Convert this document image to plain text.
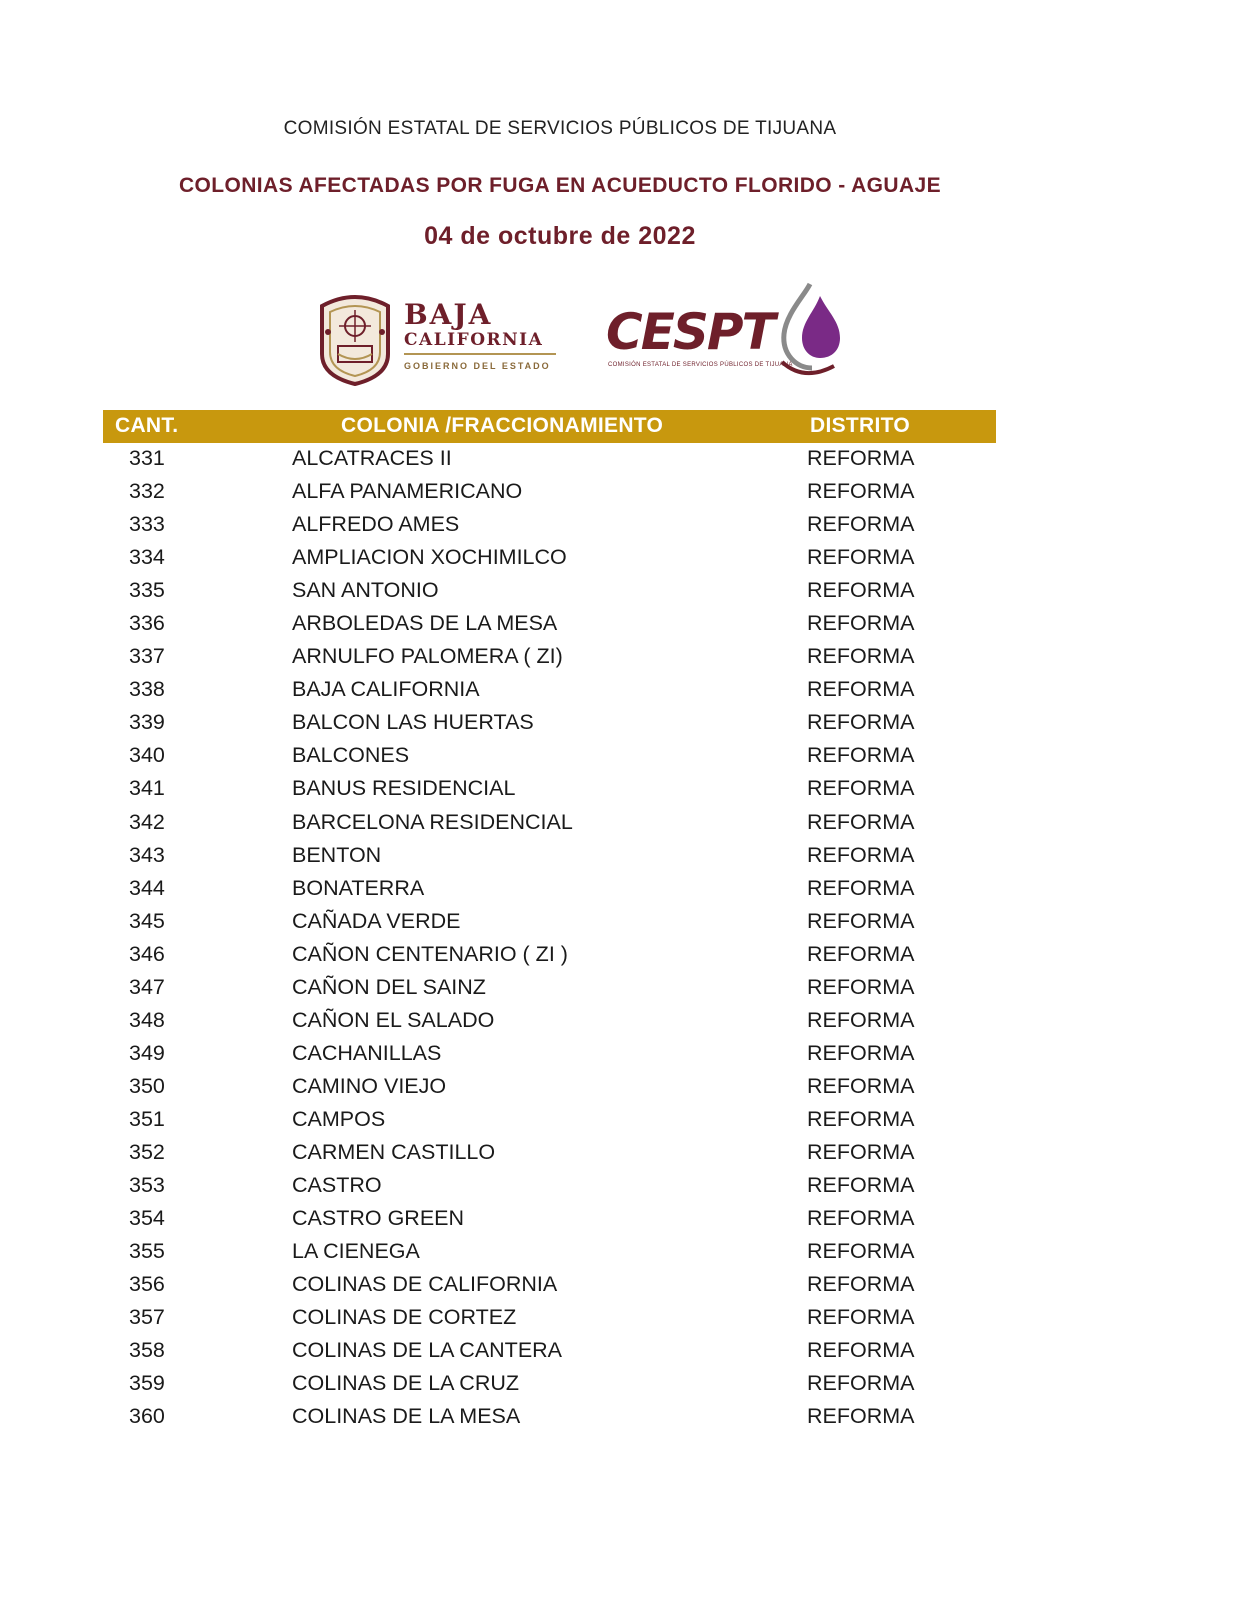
COMISIÓN ESTATAL DE SERVICIOS PÚBLICOS DE TIJUANA
COLONIAS AFECTADAS POR FUGA EN ACUEDUCTO FLORIDO - AGUAJE
04 de octubre de 2022
BAJA
CALIFORNIA
GOBIERNO DEL ESTADO
CESPT
COMISIÓN ESTATAL DE SERVICIOS PÚBLICOS DE TIJUANA
CANT.	COLONIA /FRACCIONAMIENTO	DISTRITO
331	ALCATRACES II	REFORMA
332	ALFA PANAMERICANO	REFORMA
333	ALFREDO AMES	REFORMA
334	AMPLIACION XOCHIMILCO	REFORMA
335	SAN ANTONIO	REFORMA
336	ARBOLEDAS DE LA MESA	REFORMA
337	ARNULFO PALOMERA ( ZI)	REFORMA
338	BAJA CALIFORNIA	REFORMA
339	BALCON LAS HUERTAS	REFORMA
340	BALCONES	REFORMA
341	BANUS RESIDENCIAL	REFORMA
342	BARCELONA RESIDENCIAL	REFORMA
343	BENTON	REFORMA
344	BONATERRA	REFORMA
345	CAÑADA VERDE	REFORMA
346	CAÑON CENTENARIO ( ZI )	REFORMA
347	CAÑON DEL SAINZ	REFORMA
348	CAÑON EL SALADO	REFORMA
349	CACHANILLAS	REFORMA
350	CAMINO VIEJO	REFORMA
351	CAMPOS	REFORMA
352	CARMEN CASTILLO	REFORMA
353	CASTRO	REFORMA
354	CASTRO GREEN	REFORMA
355	LA CIENEGA	REFORMA
356	COLINAS DE CALIFORNIA	REFORMA
357	COLINAS DE CORTEZ	REFORMA
358	COLINAS DE LA CANTERA	REFORMA
359	COLINAS DE LA CRUZ	REFORMA
360	COLINAS DE LA MESA	REFORMA
